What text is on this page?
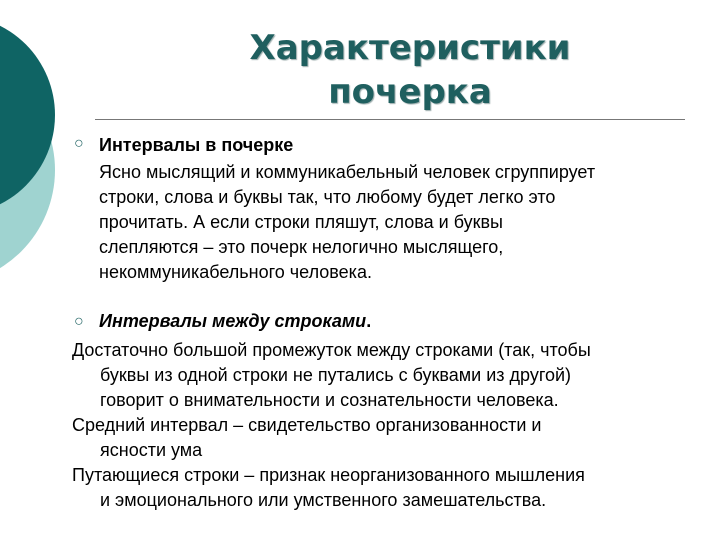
Характеристики
почерка
○ Интервалы в почерке
Ясно мыслящий и коммуникабельный человек сгруппирует
строки, слова и буквы так, что любому будет легко это
прочитать. А если строки пляшут, слова и буквы
слепляются – это почерк нелогично мыслящего,
некоммуникабельного человека.
○ Интервалы между строками.
Достаточно большой промежуток между строками (так, чтобы
буквы из одной строки не путались с буквами из другой)
говорит о внимательности и сознательности человека.
Средний интервал – свидетельство организованности и
ясности ума
Путающиеся строки – признак неорганизованного мышления
и эмоционального или умственного замешательства.
